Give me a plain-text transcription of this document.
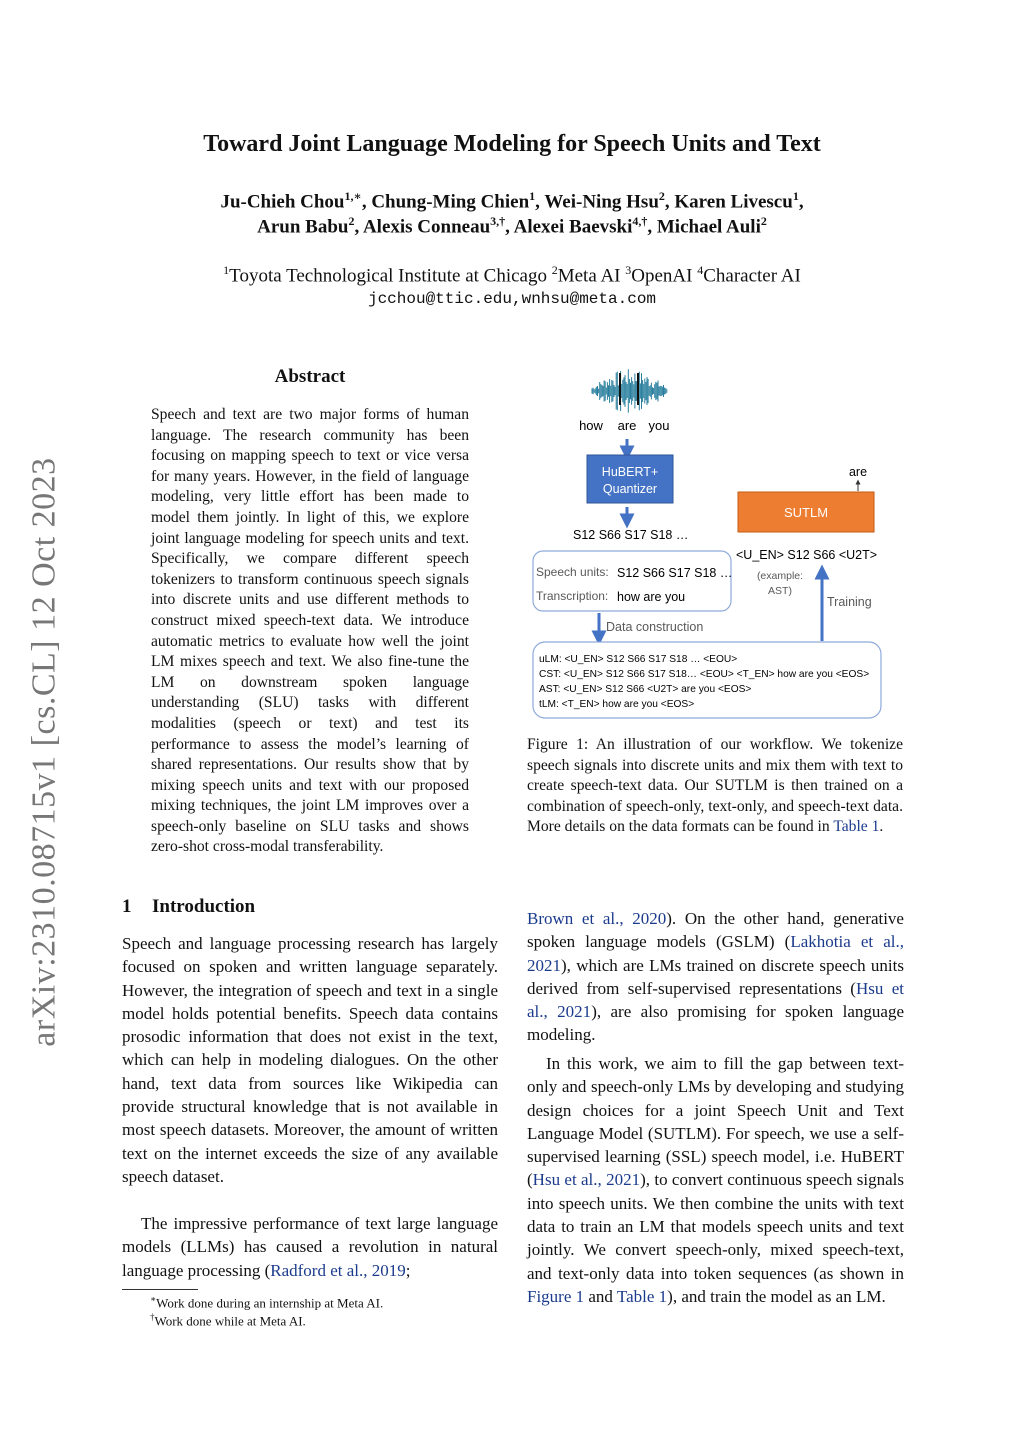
arXiv:2310.08715v1 [cs.CL] 12 Oct 2023
Toward Joint Language Modeling for Speech Units and Text
Ju-Chieh Chou$^{1,∗}$, Chung-Ming Chien$^1$, Wei-Ning Hsu$^2$, Karen Livescu$^1$,
Arun Babu$^2$, Alexis Conneau$^{3,\dagger}$, Alexei Baevski$^{4,\dagger}$, Michael Auli$^2$
$^1$Toyota Technological Institute at Chicago $^2$Meta AI $^3$OpenAI $^4$Character AI
jcchou@ttic.edu,wnhsu@meta.com
Abstract

Speech and text are two major forms of human language. The research community has been focusing on mapping speech to text or vice versa for many years. However, in the field of language modeling, very little effort has been made to model them jointly. In light of this, we explore joint language modeling for speech units and text. Specifically, we compare different speech tokenizers to transform continuous speech signals into discrete units and use different methods to construct mixed speech-text data. We introduce automatic metrics to evaluate how well the joint LM mixes speech and text. We also fine-tune the LM on downstream spoken language understanding (SLU) tasks with different modalities (speech or text) and test its performance to assess the model’s learning of shared representations. Our results show that by mixing speech units and text with our proposed mixing techniques, the joint LM improves over a speech-only baseline on SLU tasks and shows zero-shot cross-modal transferability.

1 Introduction

Speech and language processing research has largely focused on spoken and written language separately. However, the integration of speech and text in a single model holds potential benefits. Speech data contains prosodic information that does not exist in the text, which can help in modeling dialogues. On the other hand, text data from sources like Wikipedia can provide structural knowledge that is not available in most speech datasets. Moreover, the amount of written text on the internet exceeds the size of any available speech dataset.

The impressive performance of text large language models (LLMs) has caused a revolution in natural language processing (Radford et al., 2019;

∗Work done during an internship at Meta AI.

†Work done while at Meta AI.

Brown et al., 2020). On the other hand, generative spoken language models (GSLM) (Lakhotia et al., 2021), which are LMs trained on discrete speech units derived from self-supervised representations (Hsu et al., 2021), are also promising for spoken language modeling.

In this work, we aim to fill the gap between text-only and speech-only LMs by developing and studying design choices for a joint Speech Unit and Text Language Model (SUTLM). For speech, we use a self-supervised learning (SSL) speech model, i.e. HuBERT (Hsu et al., 2021), to convert continuous speech signals into speech units. We then combine the units with text data to train an LM that models speech units and text jointly. We convert speech-only, mixed speech-text, and text-only data into token sequences (as shown in Figure 1 and Table 1), and train the model as an LM.

how are you
HuBERT+
Quantizer
S12 S66 S17 S18 …
Speech units: S12 S66 S17 S18 …
Transcription: how are you
Data construction
are
SUTLM
<U_EN> S12 S66 <U2T>
(example:
AST)
Training
uLM: <U_EN> S12 S66 S17 S18 … <EOU>
CST: <U_EN> S12 S66 S17 S18… <EOU> <T_EN> how are you <EOS>
AST: <U_EN> S12 S66 <U2T> are you <EOS>
tLM: <T_EN> how are you <EOS>

Figure 1: An illustration of our workflow. We tokenize speech signals into discrete units and mix them with text to create speech-text data. Our SUTLM is then trained on a combination of speech-only, text-only, and speech-text data. More details on the data formats can be found in Table 1.
